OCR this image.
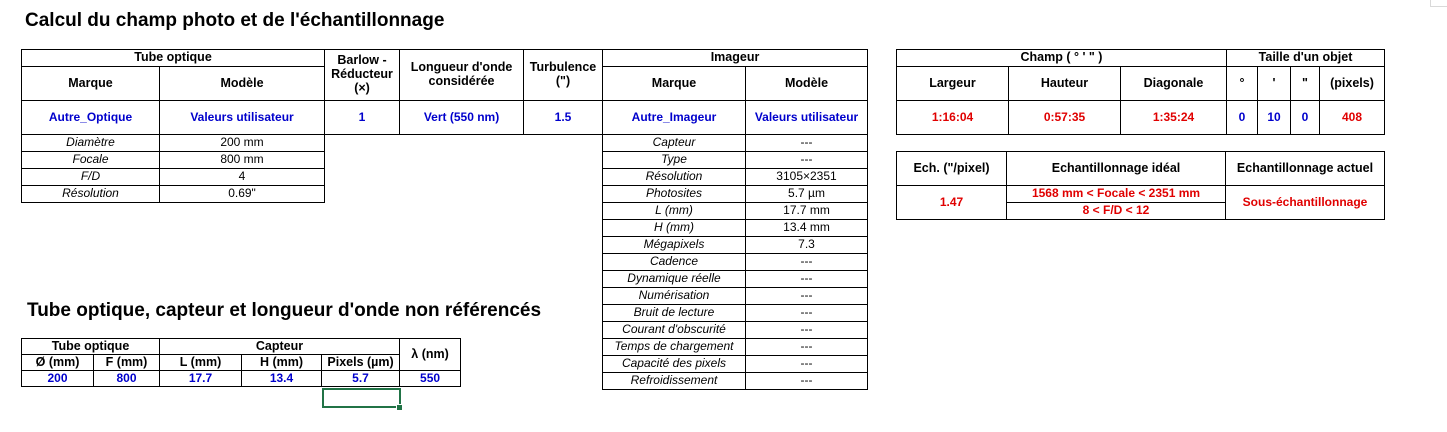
Calcul du champ photo et de l'échantillonnage
Tube optique		Barlow - Réducteur (×)	Longueur d'onde considérée	Turbulence (")	Imageur	
Marque	Modèle				Marque	Modèle
Autre_Optique	Valeurs utilisateur	1	Vert (550 nm)	1.5	Autre_Imageur	Valeurs utilisateur
Diamètre	200 mm
Focale	800 mm
F/D	4
Résolution	0.69"
Capteur	---
Type	---
Résolution	3105×2351
Photosites	5.7 µm
L (mm)	17.7 mm
H (mm)	13.4 mm
Mégapixels	7.3
Cadence	---
Dynamique réelle	---
Numérisation	---
Bruit de lecture	---
Courant d'obscurité	---
Temps de chargement	---
Capacité des pixels	---
Refroidissement	---
Champ ( ° ' " )			Taille d'un objet			
Largeur	Hauteur	Diagonale	°	'	"	(pixels)
1:16:04	0:57:35	1:35:24	0	10	0	408
Ech. ("/pixel)	Echantillonnage idéal	Echantillonnage actuel
1.47	1568 mm < Focale < 2351 mm	Sous-échantillonnage
	8 < F/D < 12	
Tube optique, capteur et longueur d'onde non référencés
Tube optique		Capteur			λ (nm)
Ø (mm)	F (mm)	L (mm)	H (mm)	Pixels (µm)	
200	800	17.7	13.4	5.7	550
